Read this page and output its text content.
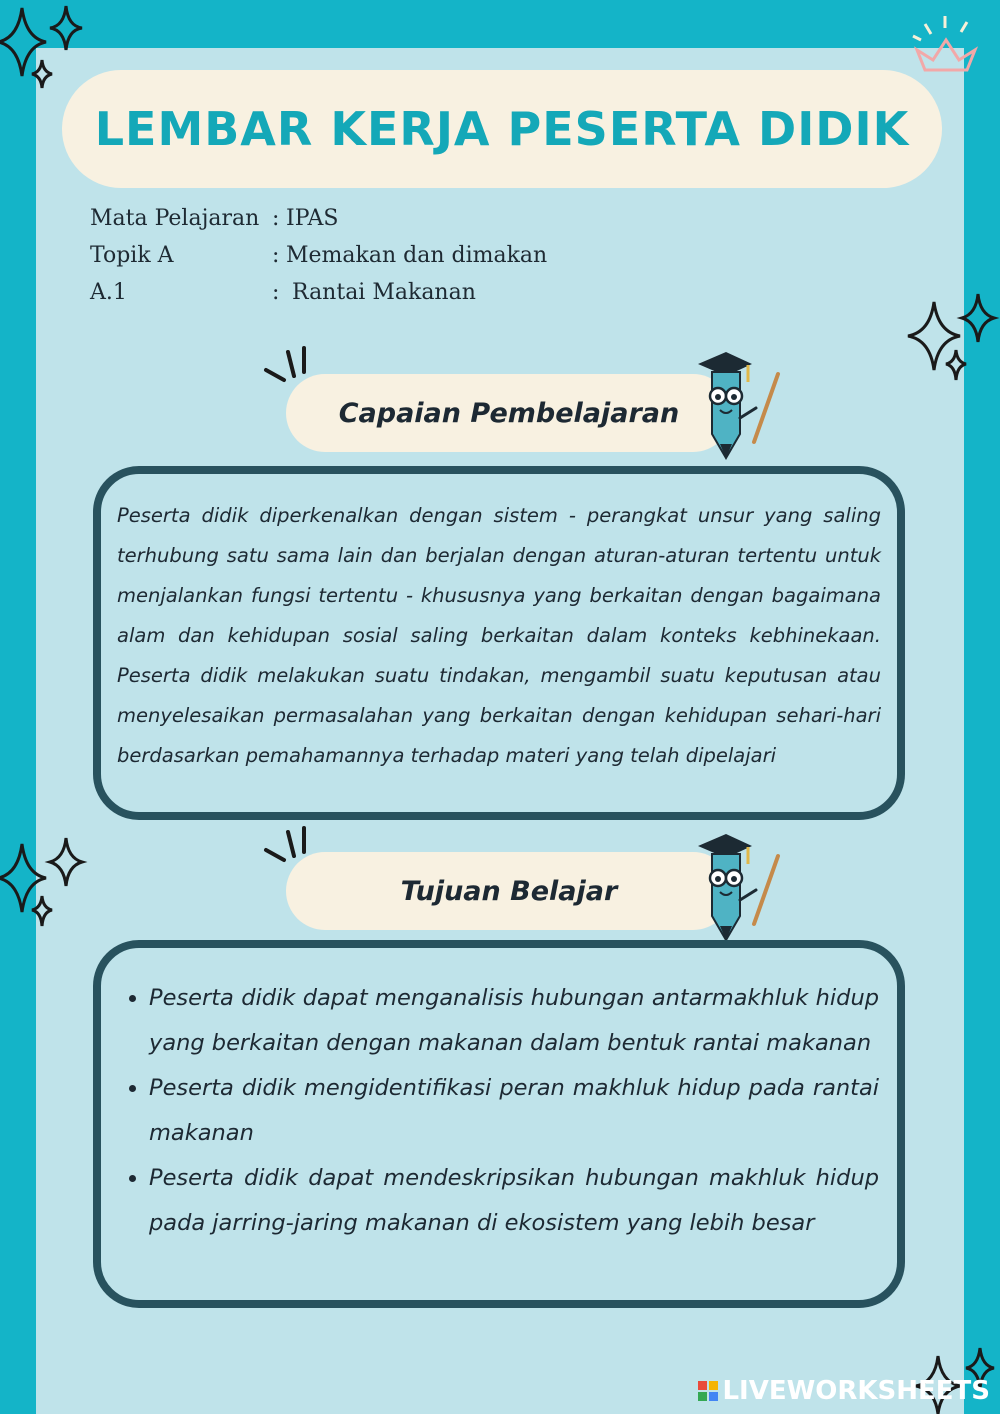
LEMBAR KERJA PESERTA DIDIK
Mata Pelajaran : IPAS
Topik A	: Memakan dan dimakan
A.1	: Rantai Makanan
Capaian Pembelajaran

Peserta didik diperkenalkan dengan sistem - perangkat unsur yang saling terhubung satu sama lain dan berjalan dengan aturan-aturan tertentu untuk menjalankan fungsi tertentu - khususnya yang berkaitan dengan bagaimana alam dan kehidupan sosial saling berkaitan dalam konteks kebhinekaan. Peserta didik melakukan suatu tindakan, mengambil suatu keputusan atau menyelesaikan permasalahan yang berkaitan dengan kehidupan sehari-hari berdasarkan pemahamannya terhadap materi yang telah dipelajari

Tujuan Belajar
• Peserta didik dapat menganalisis hubungan antarmakhluk hidup yang berkaitan dengan makanan dalam bentuk rantai makanan
• Peserta didik mengidentifikasi peran makhluk hidup pada rantai makanan
• Peserta didik dapat mendeskripsikan hubungan makhluk hidup pada jarring-jaring makanan di ekosistem yang lebih besar
LIVEWORKSHEETS
